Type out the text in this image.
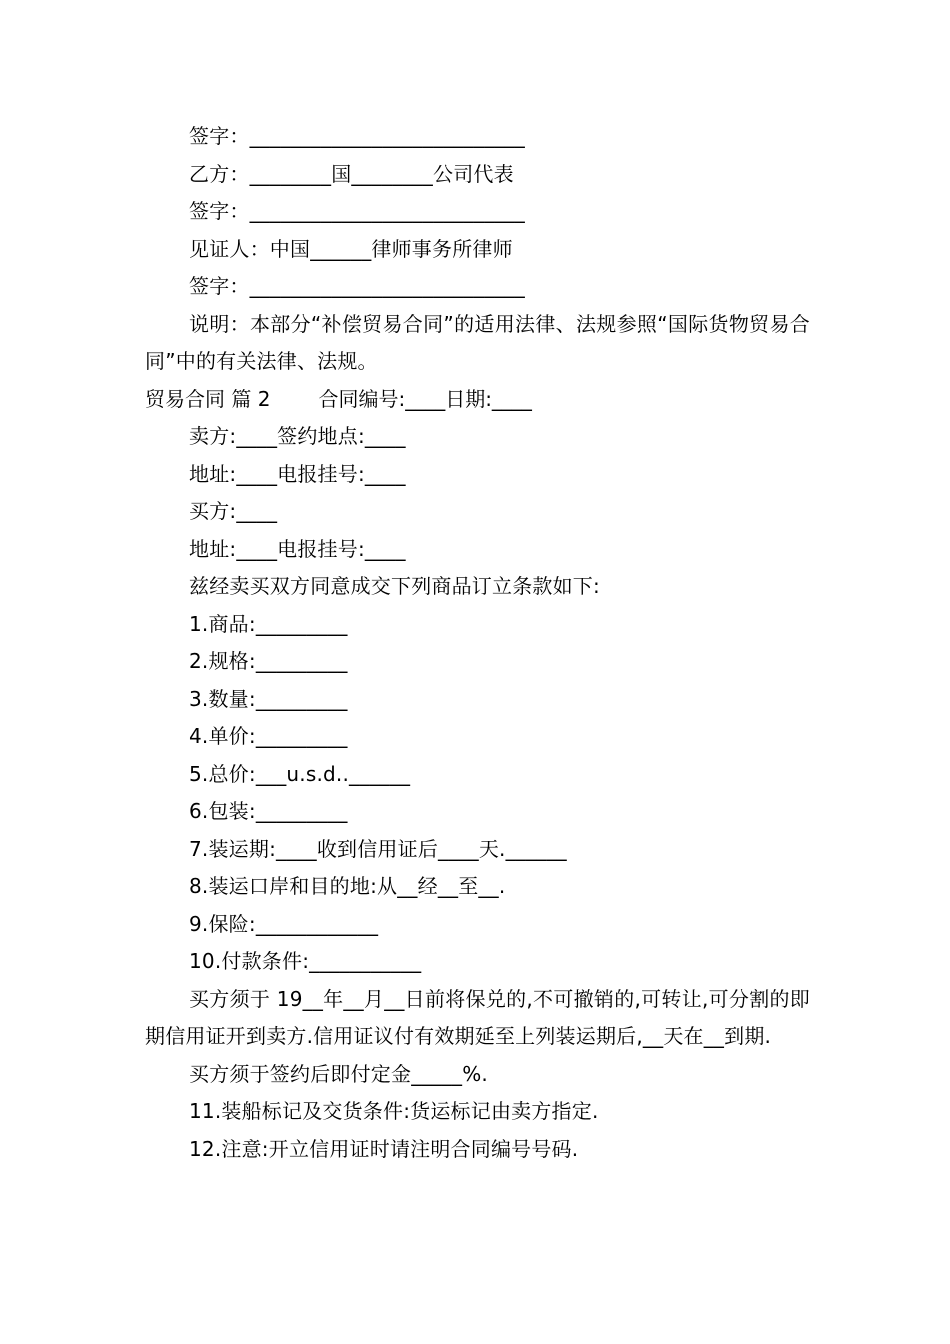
签字：___________________________
乙方：________国________公司代表
签字：___________________________
见证人：中国______律师事务所律师
签字：___________________________
说明：本部分“补偿贸易合同”的适用法律、法规参照“国际货物贸易合同”中的有关法律、法规。
贸易合同 篇 2 合同编号:____日期:____
卖方:____签约地点:____
地址:____电报挂号:____
买方:____
地址:____电报挂号:____
兹经卖买双方同意成交下列商品订立条款如下:
1.商品:_________
2.规格:_________
3.数量:_________
4.单价:_________
5.总价:___u.s.d..______
6.包装:_________
7.装运期:____收到信用证后____天.______
8.装运口岸和目的地:从__经__至__.
9.保险:____________
10.付款条件:___________
买方须于 19__年__月__日前将保兑的,不可撤销的,可转让,可分割的即期信用证开到卖方.信用证议付有效期延至上列装运期后,__天在__到期.
买方须于签约后即付定金_____%.
11.装船标记及交货条件:货运标记由卖方指定.
12.注意:开立信用证时请注明合同编号号码.
